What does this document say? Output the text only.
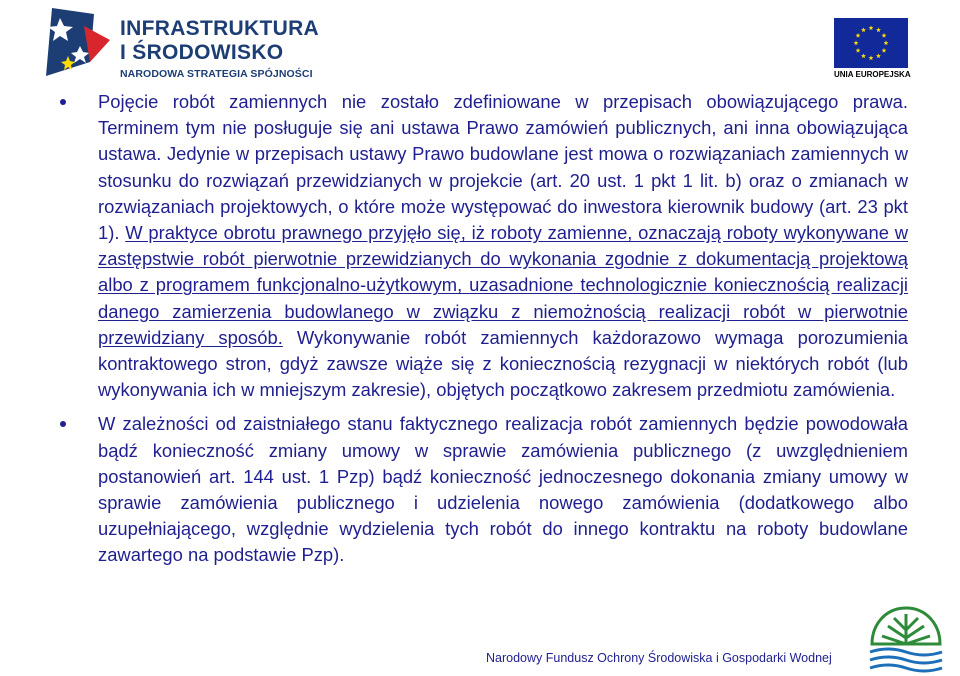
INFRASTRUKTURA
I ŚRODOWISKO
NARODOWA STRATEGIA SPÓJNOŚCI	UNIA EUROPEJSKA

Pojęcie robót zamiennych nie zostało zdefiniowane w przepisach obowiązującego prawa. Terminem tym nie posługuje się ani ustawa Prawo zamówień publicznych, ani inna obowiązująca ustawa. Jedynie w przepisach ustawy Prawo budowlane jest mowa o rozwiązaniach zamiennych w stosunku do rozwiązań przewidzianych w projekcie (art. 20 ust. 1 pkt 1 lit. b) oraz o zmianach w rozwiązaniach projektowych, o które może występować do inwestora kierownik budowy (art. 23 pkt 1). W praktyce obrotu prawnego przyjęło się, iż roboty zamienne, oznaczają roboty wykonywane w zastępstwie robót pierwotnie przewidzianych do wykonania zgodnie z dokumentacją projektową albo z programem funkcjonalno-użytkowym, uzasadnione technologicznie koniecznością realizacji danego zamierzenia budowlanego w związku z niemożnością realizacji robót w pierwotnie przewidziany sposób. Wykonywanie robót zamiennych każdorazowo wymaga porozumienia kontraktowego stron, gdyż zawsze wiąże się z koniecznością rezygnacji w niektórych robót (lub wykonywania ich w mniejszym zakresie), objętych początkowo zakresem przedmiotu zamówienia.

W zależności od zaistniałego stanu faktycznego realizacja robót zamiennych będzie powodowała bądź konieczność zmiany umowy w sprawie zamówienia publicznego (z uwzględnieniem postanowień art. 144 ust. 1 Pzp) bądź konieczność jednoczesnego dokonania zmiany umowy w sprawie zamówienia publicznego i udzielenia nowego zamówienia (dodatkowego albo uzupełniającego, względnie wydzielenia tych robót do innego kontraktu na roboty budowlane zawartego na podstawie Pzp).

Narodowy Fundusz Ochrony Środowiska i Gospodarki Wodnej
